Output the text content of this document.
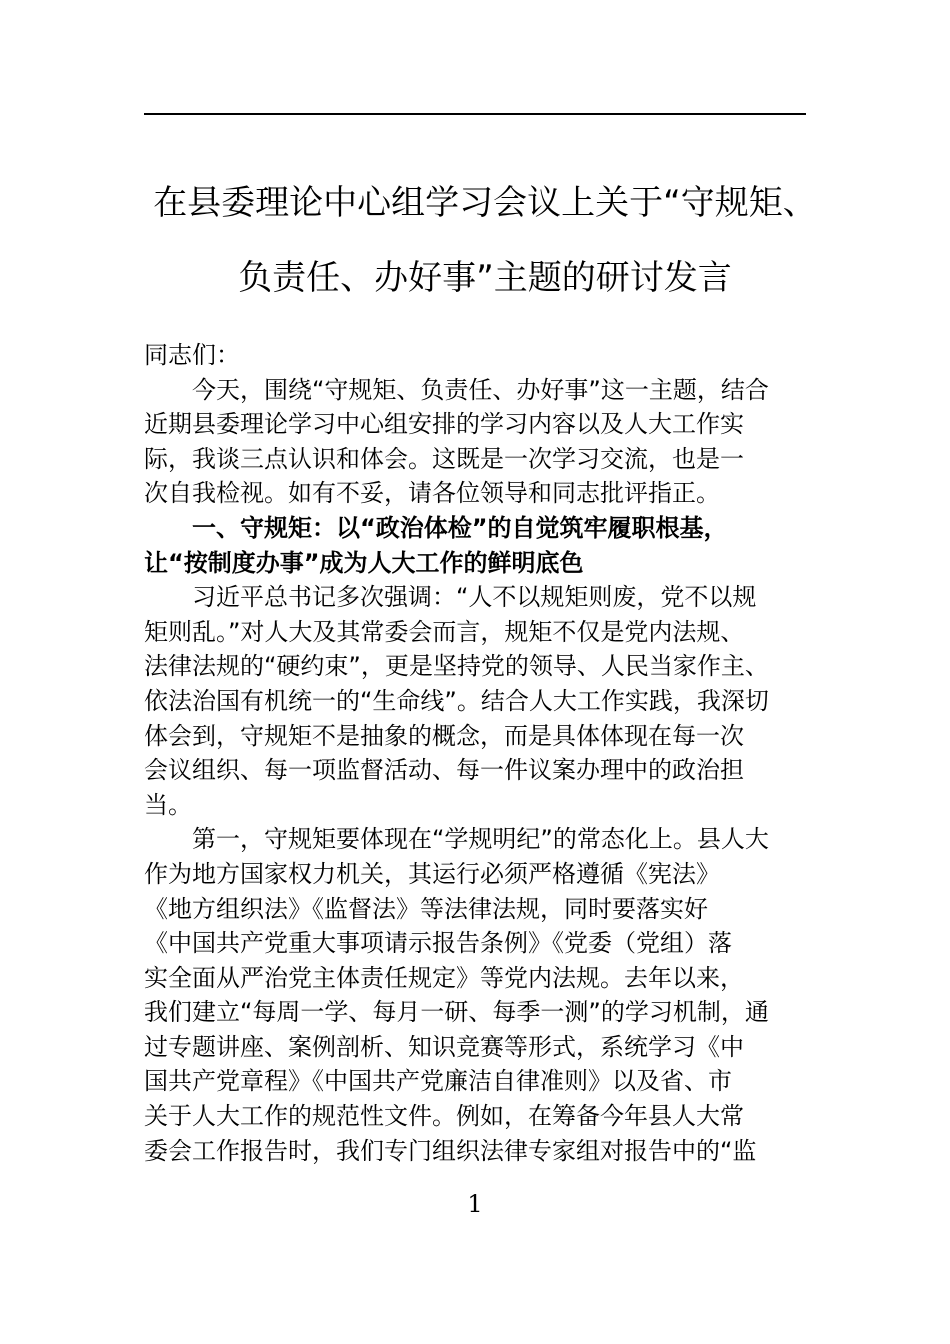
在县委理论中心组学习会议上关于“守规矩、
负责任、办好事”主题的研讨发言

同志们：

今天，围绕“守规矩、负责任、办好事”这一主题，结合
近期县委理论学习中心组安排的学习内容以及人大工作实
际，我谈三点认识和体会。这既是一次学习交流，也是一
次自我检视。如有不妥，请各位领导和同志批评指正。

一、守规矩：以“政治体检”的自觉筑牢履职根基，
让“按制度办事”成为人大工作的鲜明底色

习近平总书记多次强调：“人不以规矩则废，党不以规
矩则乱。”对人大及其常委会而言，规矩不仅是党内法规、
法律法规的“硬约束”，更是坚持党的领导、人民当家作主、
依法治国有机统一的“生命线”。结合人大工作实践，我深切
体会到，守规矩不是抽象的概念，而是具体体现在每一次
会议组织、每一项监督活动、每一件议案办理中的政治担
当。

第一，守规矩要体现在“学规明纪”的常态化上。县人大
作为地方国家权力机关，其运行必须严格遵循《宪法》
《地方组织法》《监督法》等法律法规，同时要落实好
《中国共产党重大事项请示报告条例》《党委（党组）落
实全面从严治党主体责任规定》等党内法规。去年以来，
我们建立“每周一学、每月一研、每季一测”的学习机制，通
过专题讲座、案例剖析、知识竞赛等形式，系统学习《中
国共产党章程》《中国共产党廉洁自律准则》以及省、市
关于人大工作的规范性文件。例如，在筹备今年县人大常
委会工作报告时，我们专门组织法律专家组对报告中的“监

1
